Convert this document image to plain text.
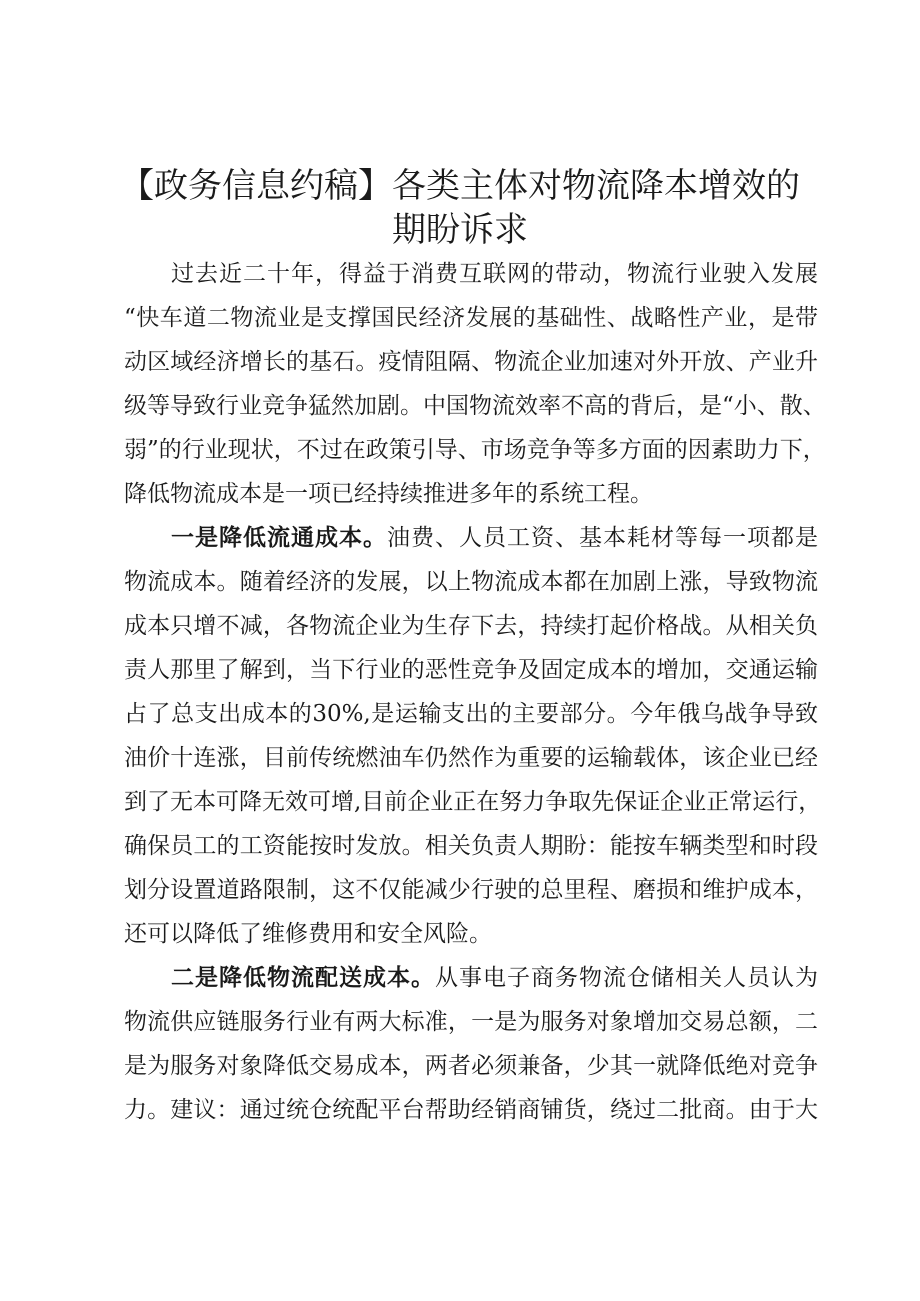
【政务信息约稿】各类主体对物流降本增效的
期盼诉求

过去近二十年，得益于消费互联网的带动，物流行业驶入发展

“快车道二物流业是支撑国民经济发展的基础性、战略性产业，是带

动区域经济增长的基石。疫情阻隔、物流企业加速对外开放、产业升

级等导致行业竞争猛然加剧。中国物流效率不高的背后，是“小、散、

弱”的行业现状，不过在政策引导、市场竞争等多方面的因素助力下，

降低物流成本是一项已经持续推进多年的系统工程。

一是降低流通成本。油费、人员工资、基本耗材等每一项都是

物流成本。随着经济的发展，以上物流成本都在加剧上涨，导致物流

成本只增不减，各物流企业为生存下去，持续打起价格战。从相关负

责人那里了解到，当下行业的恶性竞争及固定成本的增加，交通运输

占了总支出成本的30%,是运输支出的主要部分。今年俄乌战争导致

油价十连涨，目前传统燃油车仍然作为重要的运输载体，该企业已经

到了无本可降无效可增,目前企业正在努力争取先保证企业正常运行，

确保员工的工资能按时发放。相关负责人期盼：能按车辆类型和时段

划分设置道路限制，这不仅能减少行驶的总里程、磨损和维护成本，

还可以降低了维修费用和安全风险。

二是降低物流配送成本。从事电子商务物流仓储相关人员认为

物流供应链服务行业有两大标准，一是为服务对象增加交易总额，二

是为服务对象降低交易成本，两者必须兼备，少其一就降低绝对竞争

力。建议：通过统仓统配平台帮助经销商铺货，绕过二批商。由于大
